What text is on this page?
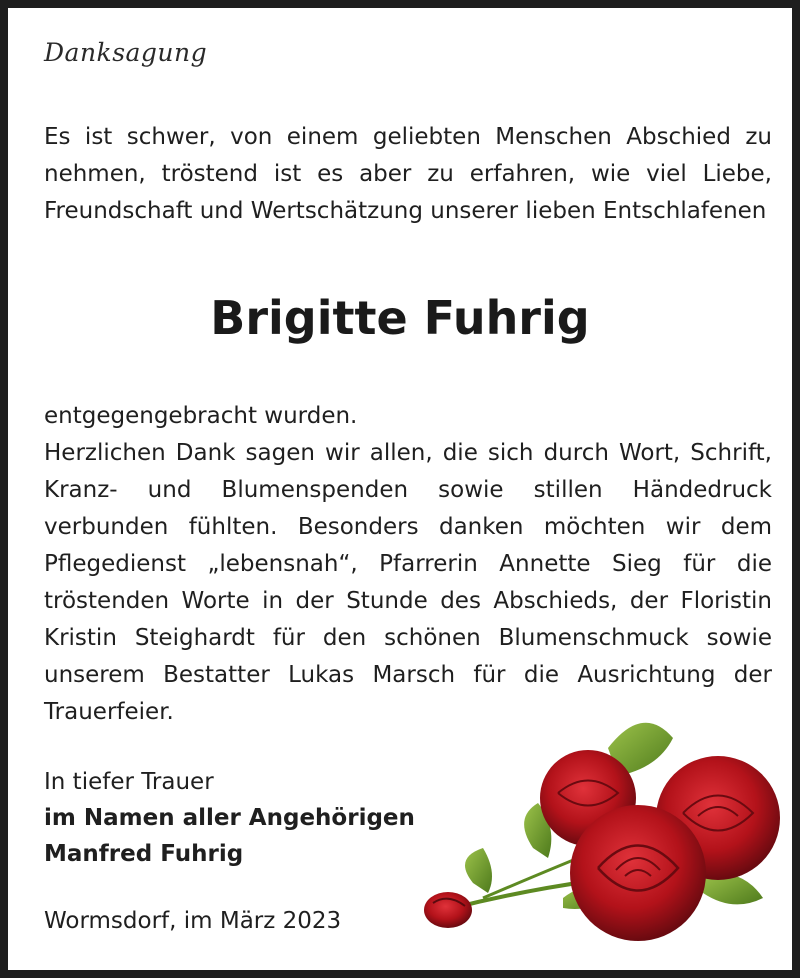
Danksagung
Es ist schwer, von einem geliebten Menschen Abschied zu nehmen, tröstend ist es aber zu erfahren, wie viel Liebe, Freundschaft und Wertschätzung unserer lieben Entschlafenen
Brigitte Fuhrig
entgegengebracht wurden.
Herzlichen Dank sagen wir allen, die sich durch Wort, Schrift, Kranz- und Blumenspenden sowie stillen Händedruck verbunden fühlten. Besonders danken möchten wir dem Pflegedienst „lebensnah“, Pfarrerin Annette Sieg für die tröstenden Worte in der Stunde des Abschieds, der Floristin Kristin Steighardt für den schönen Blumenschmuck sowie unserem Bestatter Lukas Marsch für die Ausrichtung der Trauerfeier.
In tiefer Trauer
im Namen aller Angehörigen
Manfred Fuhrig
Wormsdorf, im März 2023
